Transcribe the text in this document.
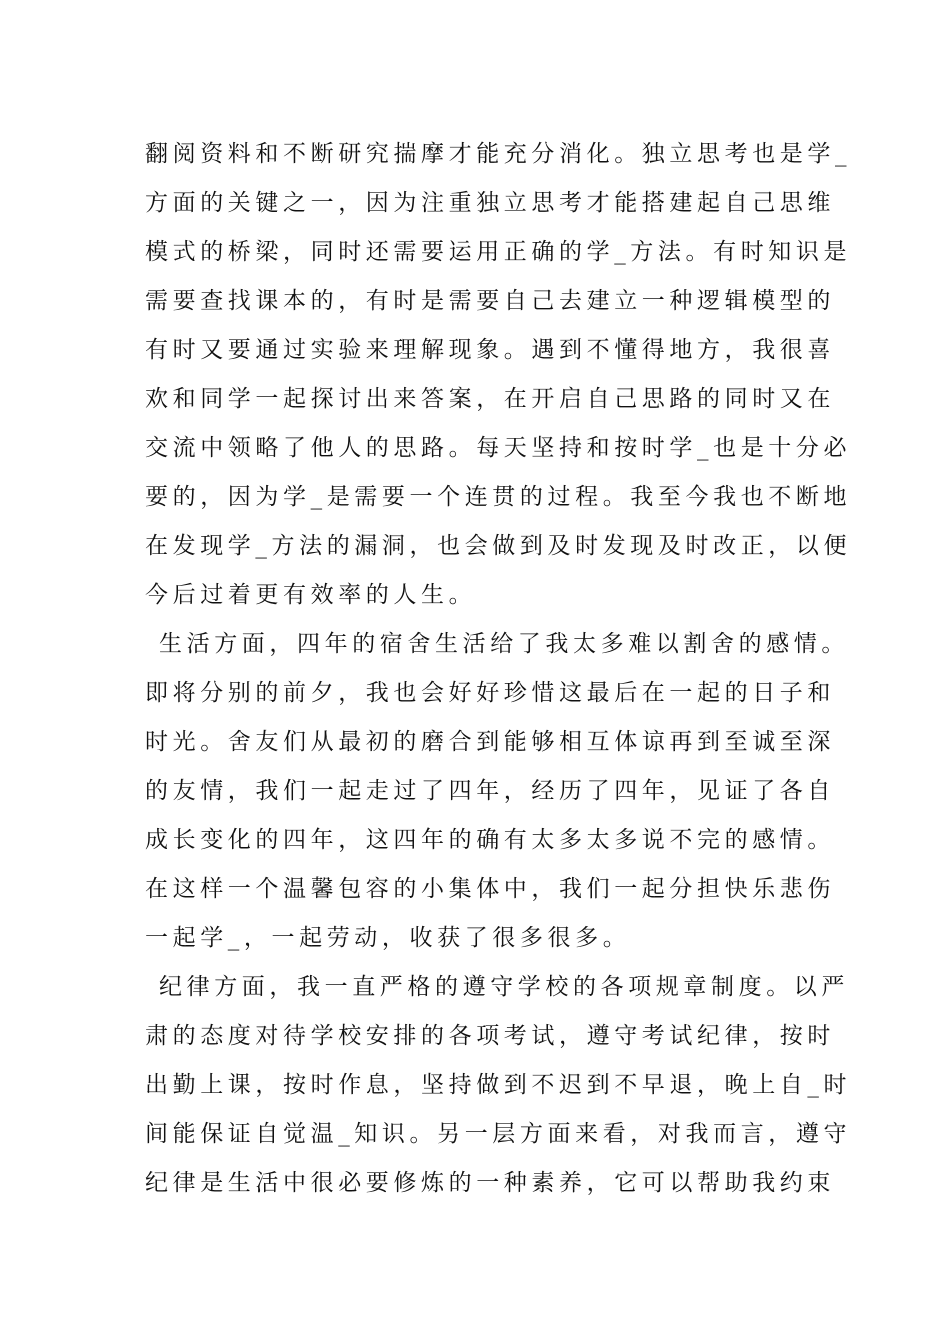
翻阅资料和不断研究揣摩才能充分消化。独立思考也是学_
方面的关键之一，因为注重独立思考才能搭建起自己思维
模式的桥梁，同时还需要运用正确的学_方法。有时知识是
需要查找课本的，有时是需要自己去建立一种逻辑模型的
有时又要通过实验来理解现象。遇到不懂得地方，我很喜
欢和同学一起探讨出来答案，在开启自己思路的同时又在
交流中领略了他人的思路。每天坚持和按时学_也是十分必
要的，因为学_是需要一个连贯的过程。我至今我也不断地
在发现学_方法的漏洞，也会做到及时发现及时改正，以便
今后过着更有效率的人生。
生活方面，四年的宿舍生活给了我太多难以割舍的感情。
即将分别的前夕，我也会好好珍惜这最后在一起的日子和
时光。舍友们从最初的磨合到能够相互体谅再到至诚至深
的友情，我们一起走过了四年，经历了四年，见证了各自
成长变化的四年，这四年的确有太多太多说不完的感情。
在这样一个温馨包容的小集体中，我们一起分担快乐悲伤
一起学_，一起劳动，收获了很多很多。
纪律方面，我一直严格的遵守学校的各项规章制度。以严
肃的态度对待学校安排的各项考试，遵守考试纪律，按时
出勤上课，按时作息，坚持做到不迟到不早退，晚上自_时
间能保证自觉温_知识。另一层方面来看，对我而言，遵守
纪律是生活中很必要修炼的一种素养，它可以帮助我约束
